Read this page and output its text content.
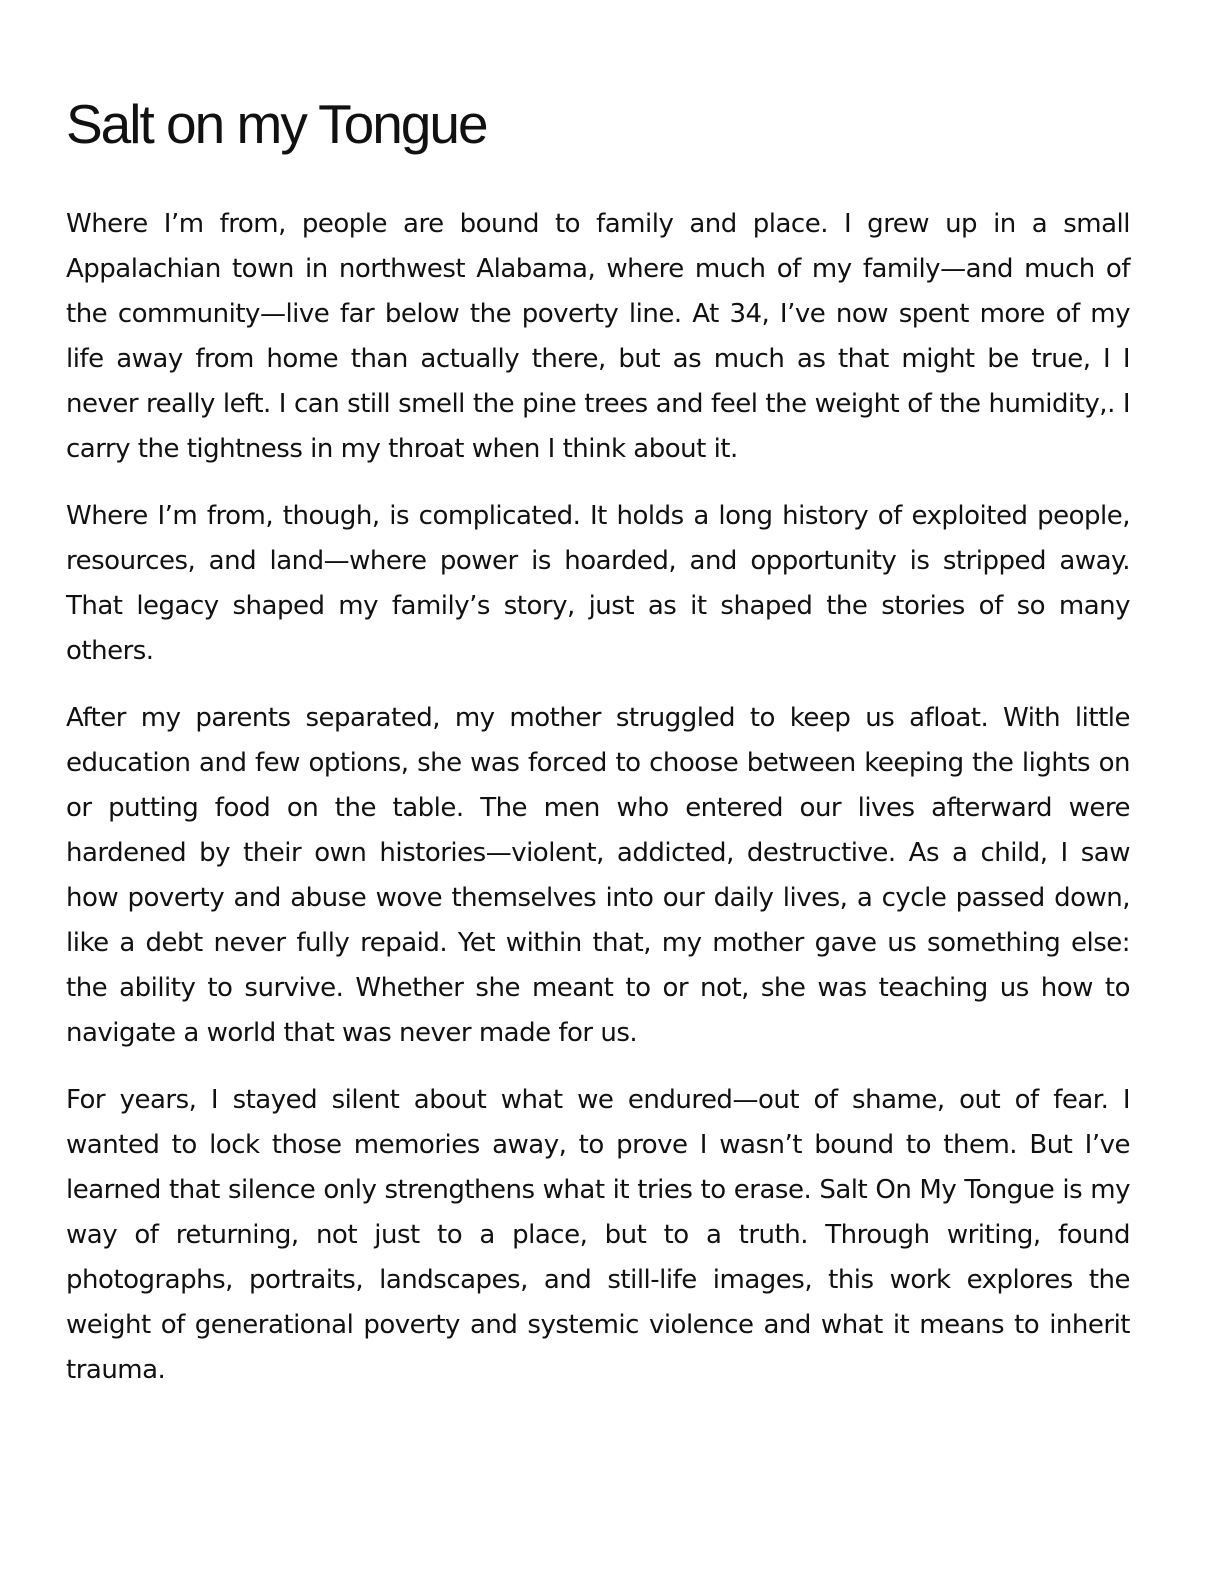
Salt on my Tongue

Where I’m from, people are bound to family and place. I grew up in a small Appalachian town in northwest Alabama, where much of my family—and much of the community—live far below the poverty line. At 34, I’ve now spent more of my life away from home than actually there, but as much as that might be true, I I never really left. I can still smell the pine trees and feel the weight of the humidity,. I carry the tightness in my throat when I think about it.

Where I’m from, though, is complicated. It holds a long history of exploited people, resources, and land—where power is hoarded, and opportunity is stripped away. That legacy shaped my family’s story, just as it shaped the stories of so many others.

After my parents separated, my mother struggled to keep us afloat. With little education and few options, she was forced to choose between keeping the lights on or putting food on the table. The men who entered our lives afterward were hardened by their own histories—violent, addicted, destructive. As a child, I saw how poverty and abuse wove themselves into our daily lives, a cycle passed down, like a debt never fully repaid. Yet within that, my mother gave us something else: the ability to survive. Whether she meant to or not, she was teaching us how to navigate a world that was never made for us.

For years, I stayed silent about what we endured—out of shame, out of fear. I wanted to lock those memories away, to prove I wasn’t bound to them. But I’ve learned that silence only strengthens what it tries to erase. Salt On My Tongue is my way of returning, not just to a place, but to a truth. Through writing, found photographs, portraits, landscapes, and still-life images, this work explores the weight of generational poverty and systemic violence and what it means to inherit trauma.
